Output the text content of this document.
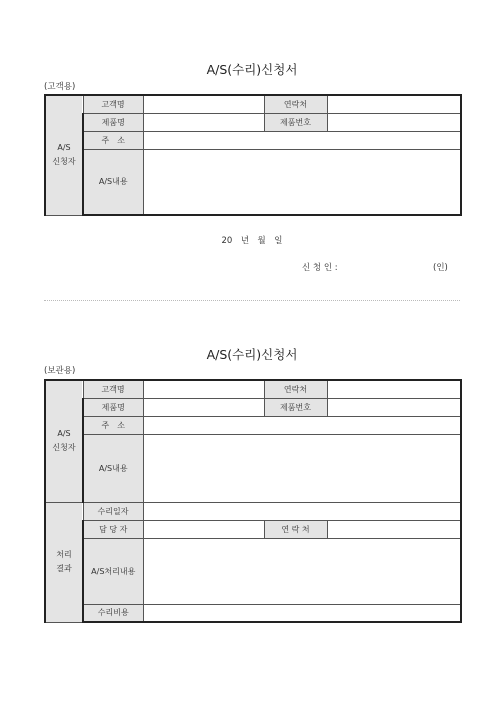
A/S(수리)신청서
(고객용)
A/S
신청자	고객명		연락처	
	제품명		제품번호	
	주　소			
	A/S내용			
20　년　월　일
신 청 인 :	(인)
A/S(수리)신청서
(보관용)
A/S
신청자	고객명		연락처	
	제품명		제품번호	
	주　소			
	A/S내용			
처리
결과	수리일자			
	담 당 자		연 락 처	
	A/S처리내용			
	수리비용			
